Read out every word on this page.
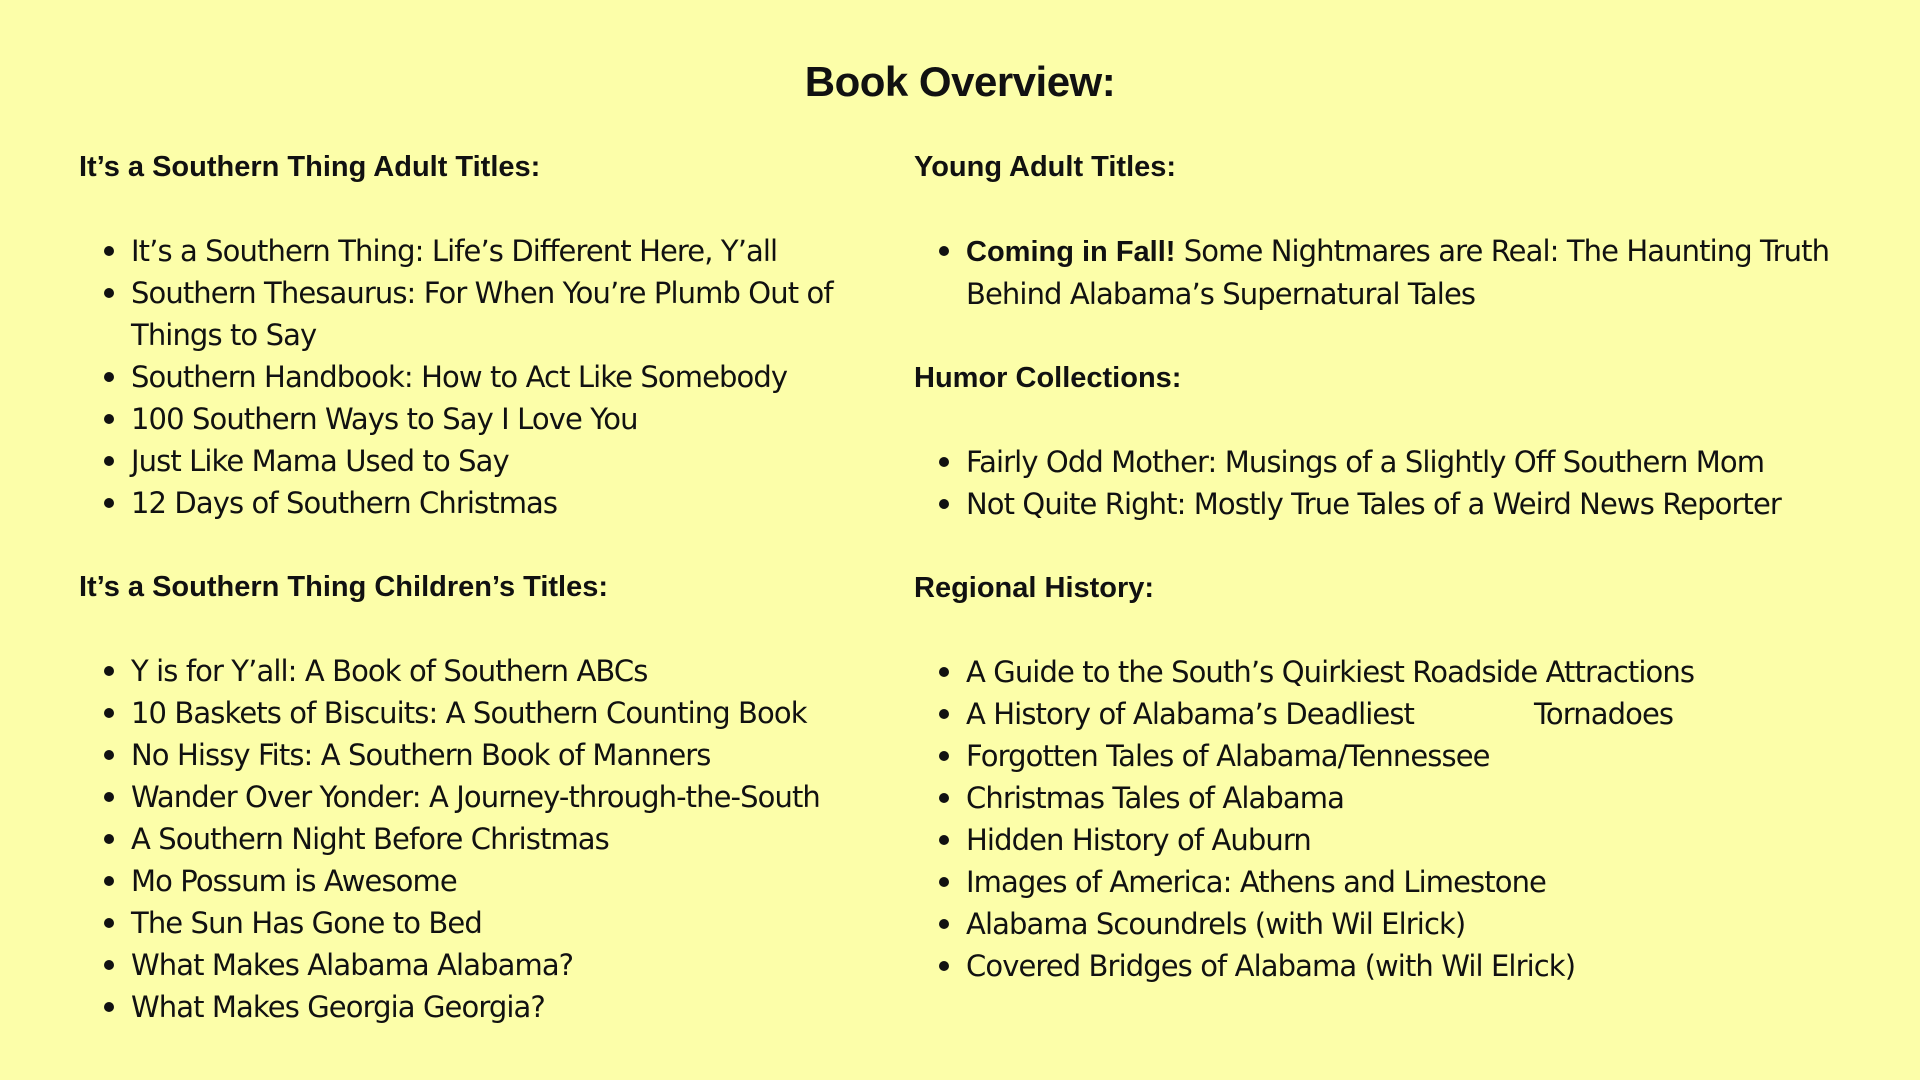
Book Overview:
It’s a Southern Thing Adult Titles:
It’s a Southern Thing: Life’s Different Here, Y’all
Southern Thesaurus: For When You’re Plumb Out of Things to Say
Southern Handbook: How to Act Like Somebody
100 Southern Ways to Say I Love You
Just Like Mama Used to Say
12 Days of Southern Christmas
It’s a Southern Thing Children’s Titles:
Y is for Y’all: A Book of Southern ABCs
10 Baskets of Biscuits: A Southern Counting Book
No Hissy Fits: A Southern Book of Manners
Wander Over Yonder: A Journey-through-the-South
A Southern Night Before Christmas
Mo Possum is Awesome
The Sun Has Gone to Bed
What Makes Alabama Alabama?
What Makes Georgia Georgia?
Young Adult Titles:
Coming in Fall! Some Nightmares are Real: The Haunting Truth Behind Alabama’s Supernatural Tales
Humor Collections:
Fairly Odd Mother: Musings of a Slightly Off Southern Mom
Not Quite Right: Mostly True Tales of a Weird News Reporter
Regional History:
A Guide to the South’s Quirkiest Roadside Attractions
A History of Alabama’s Deadliest	Tornadoes
Forgotten Tales of Alabama/Tennessee
Christmas Tales of Alabama
Hidden History of Auburn
Images of America: Athens and Limestone
Alabama Scoundrels (with Wil Elrick)
Covered Bridges of Alabama (with Wil Elrick)
